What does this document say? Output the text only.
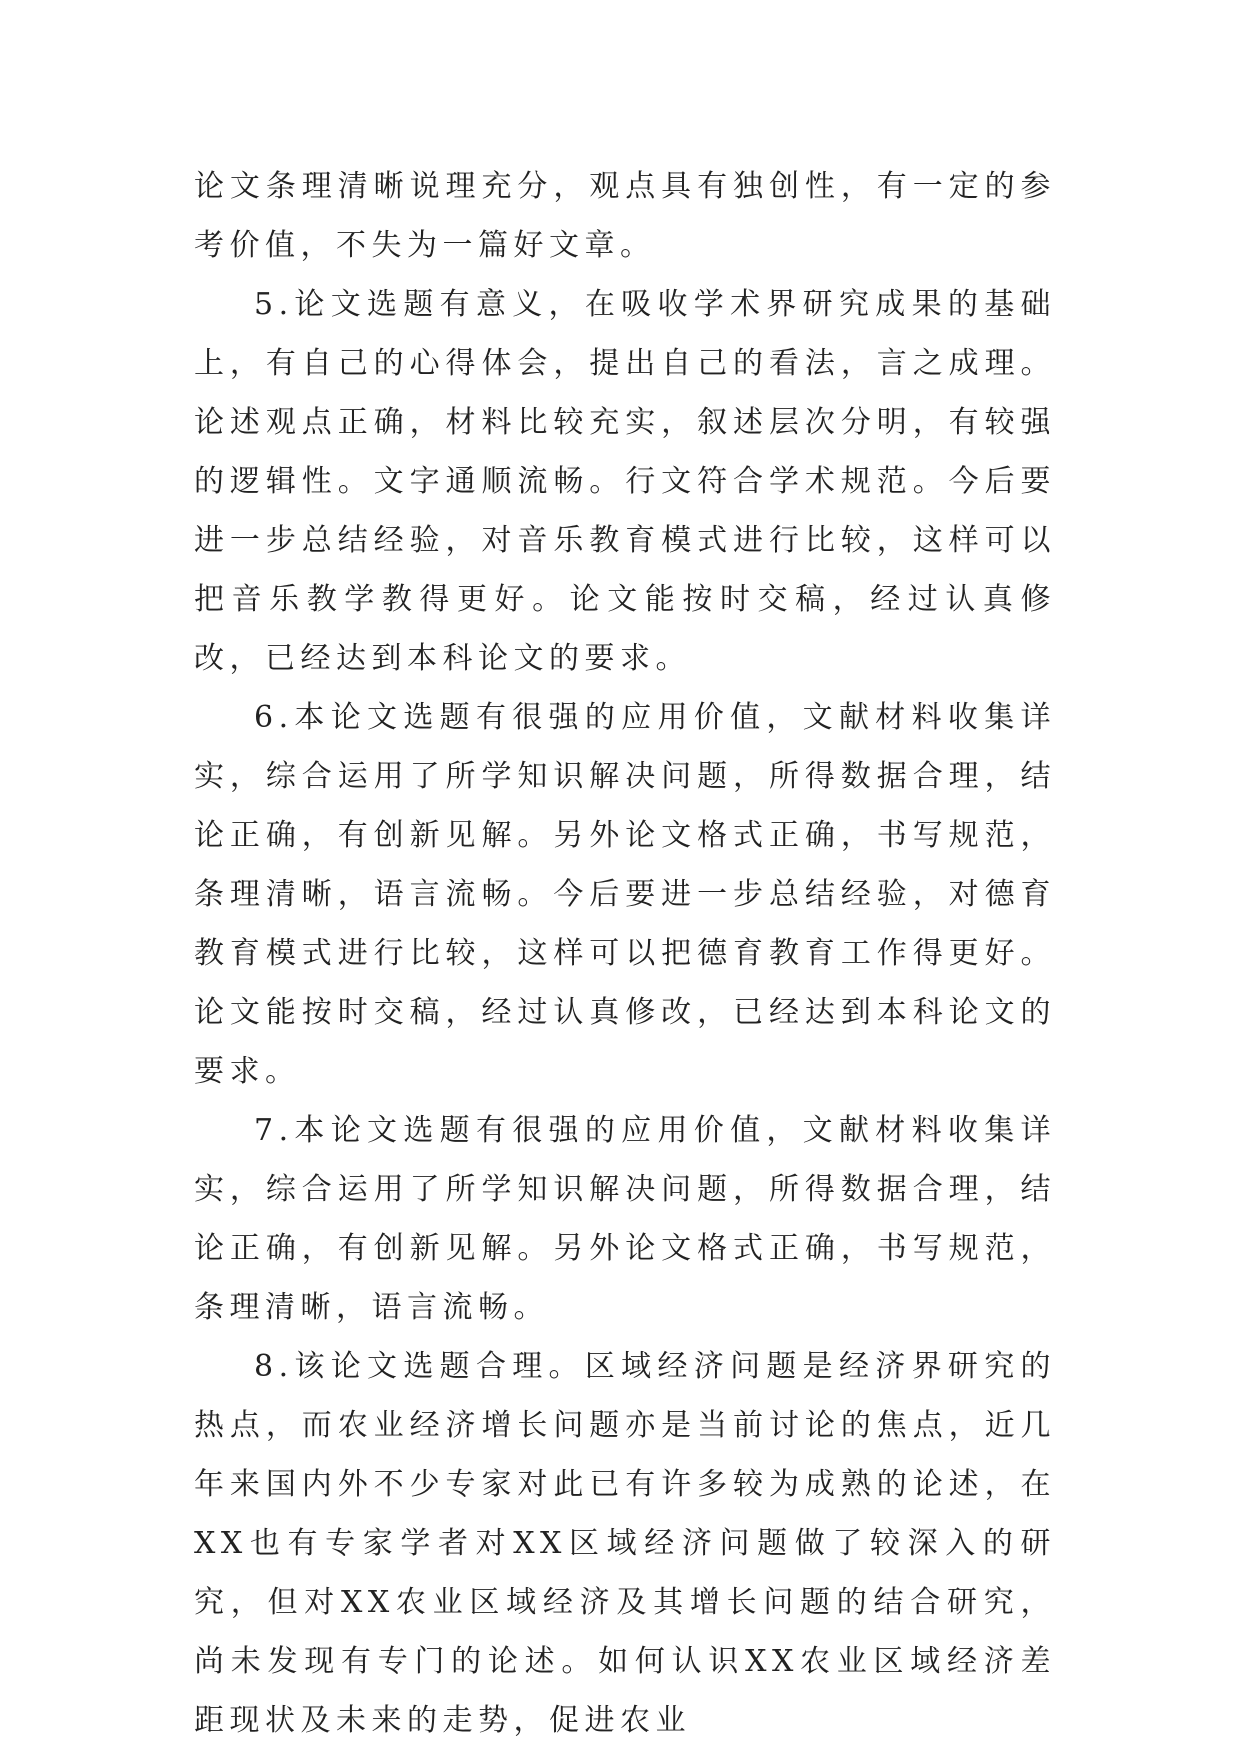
论文条理清晰说理充分，观点具有独创性，有一定的参考价值，不失为一篇好文章。

5.论文选题有意义，在吸收学术界研究成果的基础上，有自己的心得体会，提出自己的看法，言之成理。论述观点正确，材料比较充实，叙述层次分明，有较强的逻辑性。文字通顺流畅。行文符合学术规范。今后要进一步总结经验，对音乐教育模式进行比较，这样可以把音乐教学教得更好。论文能按时交稿，经过认真修改，已经达到本科论文的要求。

6.本论文选题有很强的应用价值，文献材料收集详实，综合运用了所学知识解决问题，所得数据合理，结论正确，有创新见解。另外论文格式正确，书写规范，条理清晰，语言流畅。今后要进一步总结经验，对德育教育模式进行比较，这样可以把德育教育工作得更好。论文能按时交稿，经过认真修改，已经达到本科论文的要求。

7.本论文选题有很强的应用价值，文献材料收集详实，综合运用了所学知识解决问题，所得数据合理，结论正确，有创新见解。另外论文格式正确，书写规范，条理清晰，语言流畅。

8.该论文选题合理。区域经济问题是经济界研究的热点，而农业经济增长问题亦是当前讨论的焦点，近几年来国内外不少专家对此已有许多较为成熟的论述，在XX也有专家学者对XX区域经济问题做了较深入的研究，但对XX农业区域经济及其增长问题的结合研究，尚未发现有专门的论述。如何认识XX农业区域经济差距现状及未来的走势，促进农业
